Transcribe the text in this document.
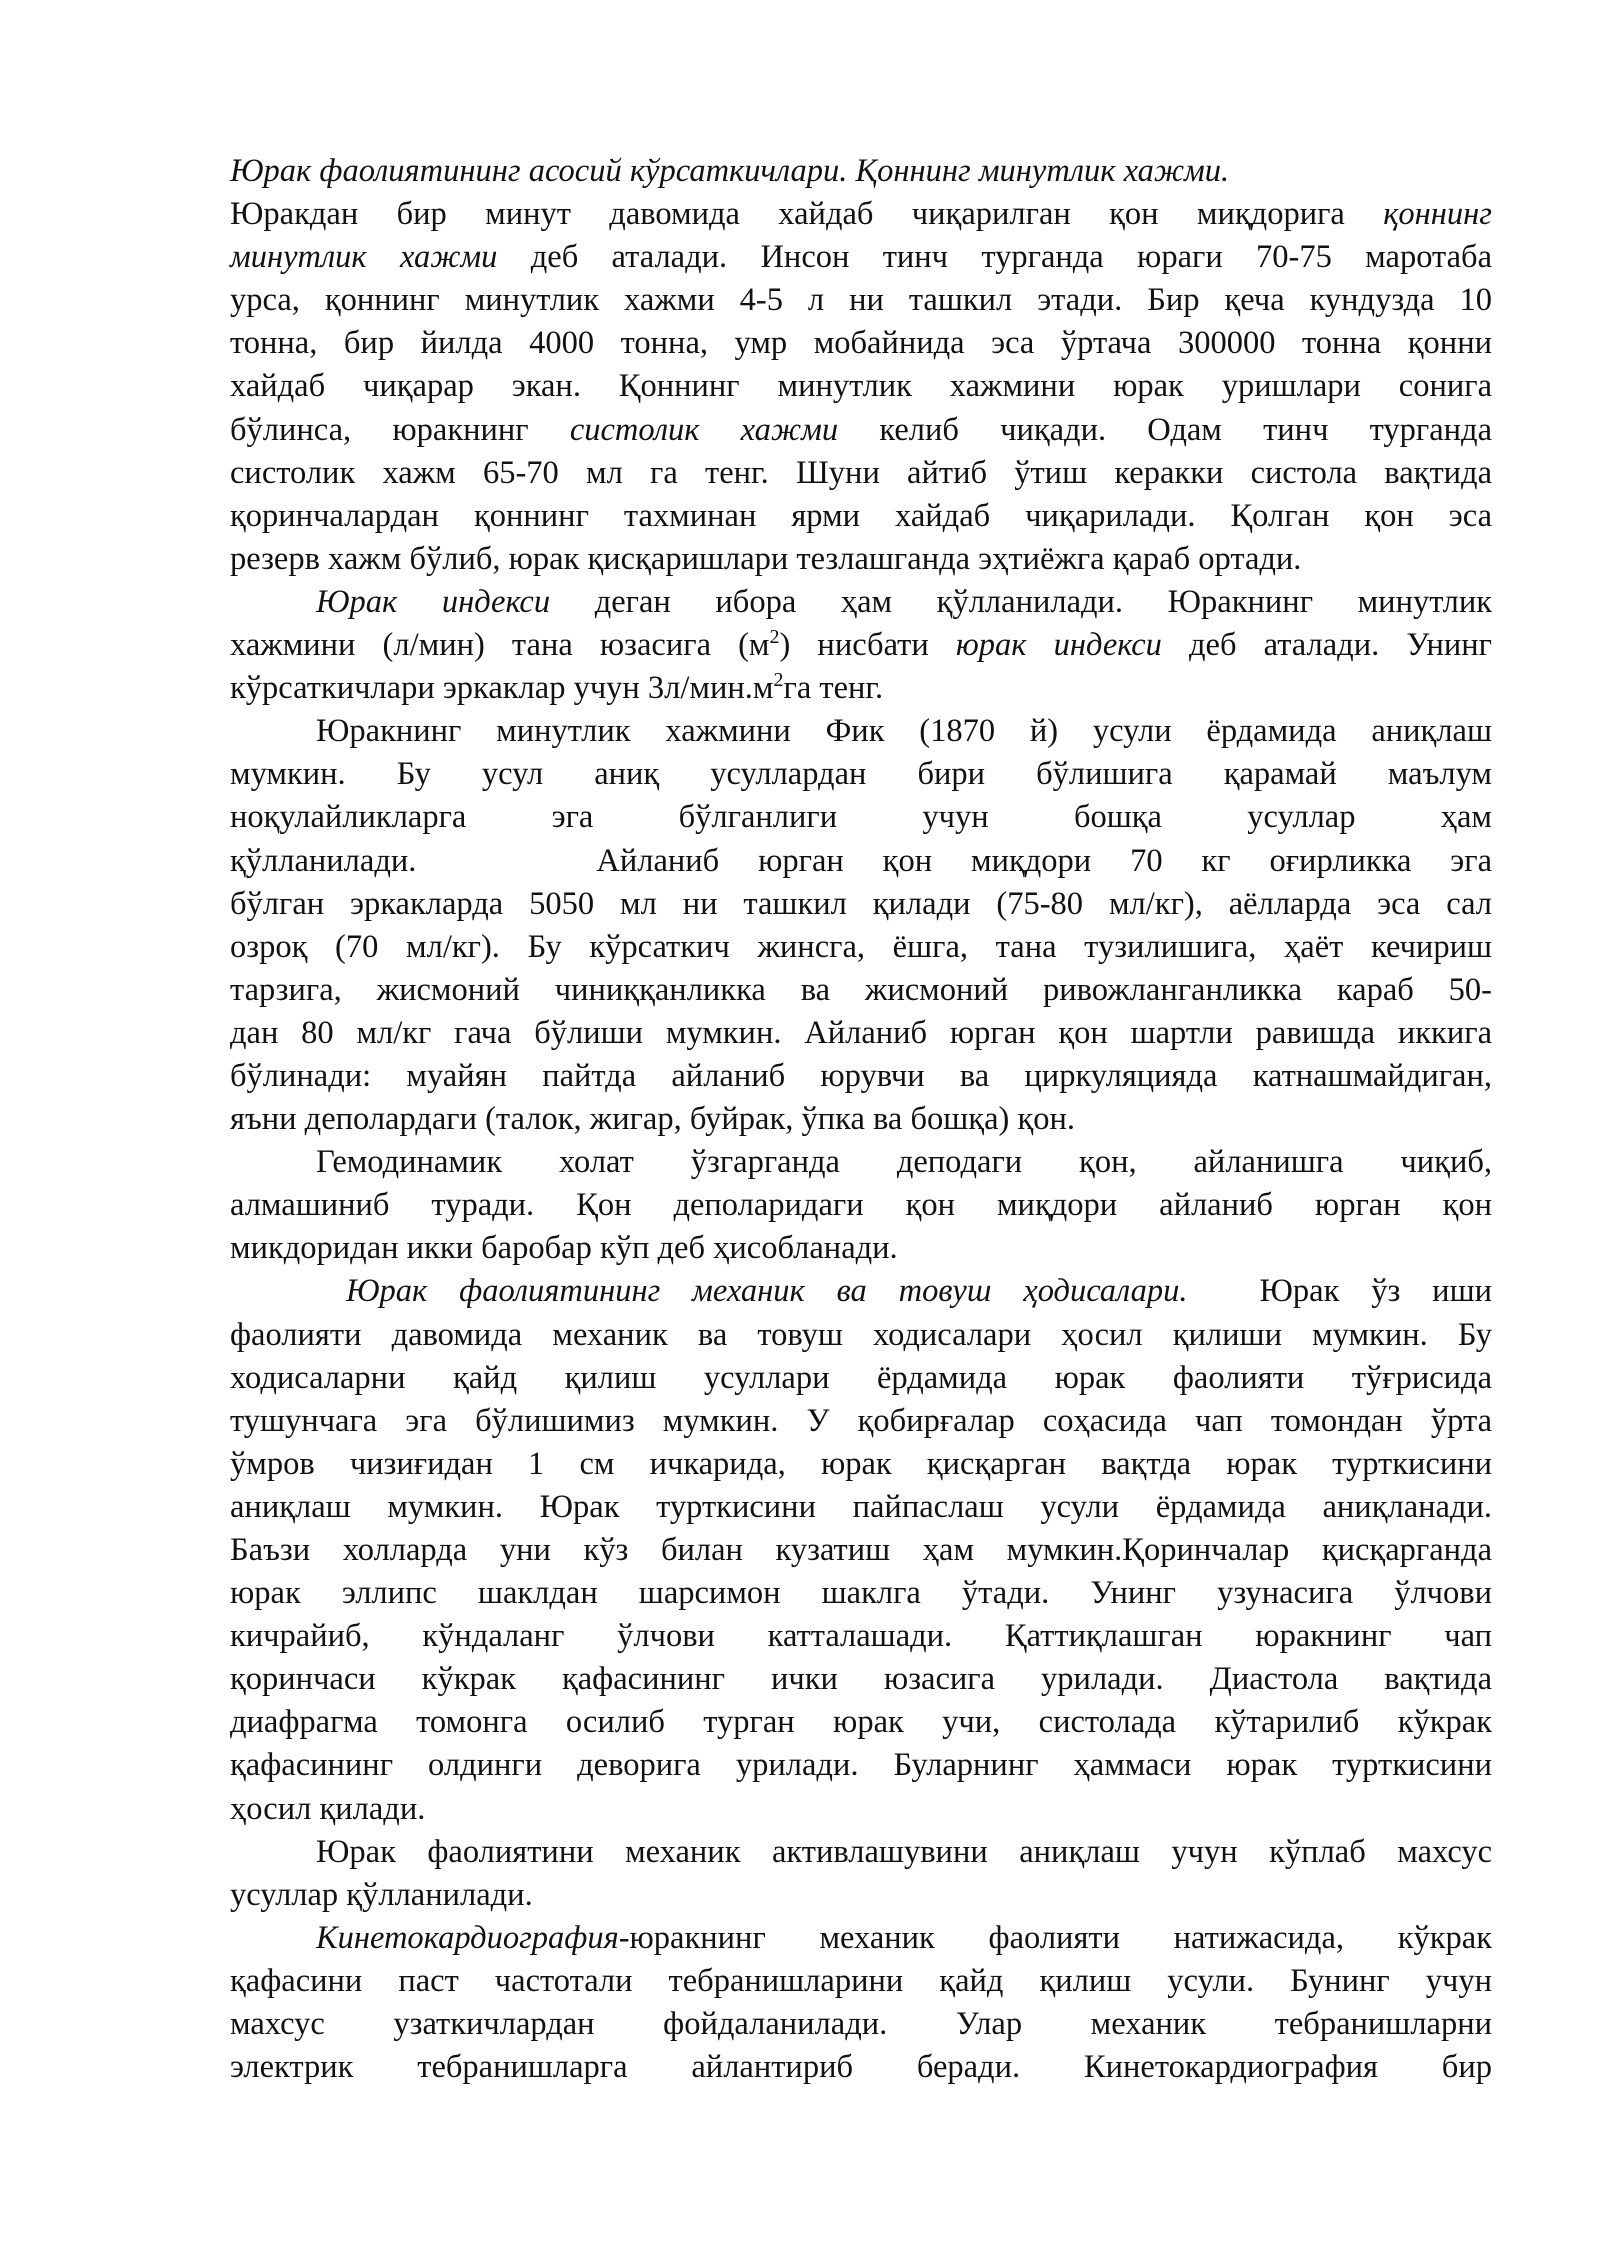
Юрак фаолиятининг асосий кўрсаткичлари. Қоннинг минутлик хажми.
Юракдан бир минут давомида хайдаб чиқарилган қон миқдорига қоннинг
минутлик хажми деб аталади. Инсон тинч турганда юраги 70-75 маротаба
урса, қоннинг минутлик хажми 4-5 л ни ташкил этади. Бир қеча кундузда 10
тонна, бир йилда 4000 тонна, умр мобайнида эса ўртача 300000 тонна қонни
хайдаб чиқарар экан. Қоннинг минутлик хажмини юрак уришлари сонига
бўлинса, юракнинг систолик хажми келиб чиқади. Одам тинч турганда
систолик хажм 65-70 мл га тенг. Шуни айтиб ўтиш керакки систола вақтида
қоринчалардан қоннинг тахминан ярми хайдаб чиқарилади. Қолган қон эса
резерв хажм бўлиб, юрак қисқаришлари тезлашганда эҳтиёжга қараб ортади.

Юрак индекси деган ибора ҳам қўлланилади. Юракнинг минутлик
хажмини (л/мин) тана юзасига $(м^2)$ нисбати юрак индекси деб аталади. Унинг
кўрсаткичлари эркаклар учун $3л/мин.м^2га$ тенг.

Юракнинг минутлик хажмини Фик (1870 й) усули ёрдамида аниқлаш
мумкин. Бу усул аниқ усуллардан бири бўлишига қарамай маълум
ноқулайликларга эга бўлганлиги учун бошқа усуллар ҳам
қўлланилади.	Айланиб юрган қон миқдори 70 кг оғирликка эга
бўлган эркакларда 5050 мл ни ташкил қилади (75-80 мл/кг), аёлларда эса сал
озроқ (70 мл/кг). Бу кўрсаткич жинсга, ёшга, тана тузилишига, ҳаёт кечириш
тарзига, жисмоний чиниққанликка ва жисмоний ривожланганликка караб 50-
дан 80 мл/кг гача бўлиши мумкин. Айланиб юрган қон шартли равишда иккига
бўлинади: муайян пайтда айланиб юрувчи ва циркуляцияда катнашмайдиган,
яъни деполардаги (талок, жигар, буйрак, ўпка ва бошқа) қон.

Гемодинамик холат ўзгарганда деподаги қон, айланишга чиқиб,
алмашиниб туради. Қон деполаридаги қон миқдори айланиб юрган қон
микдоридан икки баробар кўп деб ҳисобланади.

Юрак фаолиятининг механик ва товуш ҳодисалари. Юрак ўз иши
фаолияти давомида механик ва товуш ходисалари ҳосил қилиши мумкин. Бу
ходисаларни қайд қилиш усуллари ёрдамида юрак фаолияти тўғрисида
тушунчага эга бўлишимиз мумкин. У қобирғалар соҳасида чап томондан ўрта
ўмров чизиғидан 1 см ичкарида, юрак қисқарган вақтда юрак турткисини
аниқлаш мумкин. Юрак турткисини пайпаслаш усули ёрдамида аниқланади.
Баъзи холларда уни кўз билан кузатиш ҳам мумкин.Қоринчалар қисқарганда
юрак эллипс шаклдан шарсимон шаклга ўтади. Унинг узунасига ўлчови
кичрайиб, кўндаланг ўлчови катталашади. Қаттиқлашган юракнинг чап
қоринчаси кўкрак қафасининг ички юзасига урилади. Диастола вақтида
диафрагма томонга осилиб турган юрак учи, систолада кўтарилиб кўкрак
қафасининг олдинги деворига урилади. Буларнинг ҳаммаси юрак турткисини
ҳосил қилади.

Юрак фаолиятини механик активлашувини аниқлаш учун кўплаб махсус
усуллар қўлланилади.

Кинетокардиография-юракнинг механик фаолияти натижасида, кўкрак
қафасини паст частотали тебранишларини қайд қилиш усули. Бунинг учун
махсус узаткичлардан фойдаланилади. Улар механик тебранишларни
электрик тебранишларга айлантириб беради. Кинетокардиография бир
